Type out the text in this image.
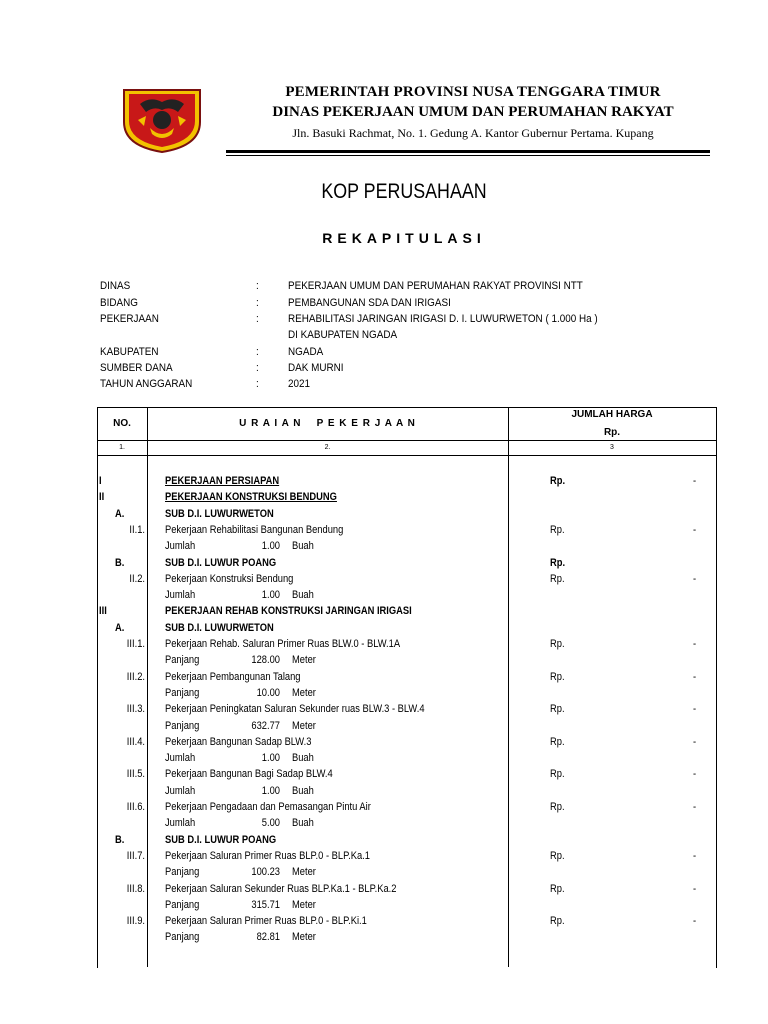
PEMERINTAH PROVINSI NUSA TENGGARA TIMUR
DINAS PEKERJAAN UMUM DAN PERUMAHAN RAKYAT
Jln. Basuki Rachmat, No. 1. Gedung A. Kantor Gubernur Pertama. Kupang
KOP PERUSAHAAN
REKAPITULASI
DINAS	:	PEKERJAAN UMUM DAN PERUMAHAN RAKYAT PROVINSI NTT
BIDANG	:	PEMBANGUNAN SDA DAN IRIGASI
PEKERJAAN	:	REHABILITASI JARINGAN IRIGASI D. I. LUWURWETON ( 1.000 Ha )
DI KABUPATEN NGADA
KABUPATEN	:	NGADA
SUMBER DANA	:	DAK MURNI
TAHUN ANGGARAN	:	2021
NO.	U R A I A N    P E K E R J A A N
JUMLAH HARGA
Rp.
1.	2.	3
I	PEKERJAAN PERSIAPAN	Rp.	-
II	PEKERJAAN KONSTRUKSI BENDUNG
A.	SUB D.I. LUWURWETON
II.1. Pekerjaan Rehabilitasi Bangunan Bendung	Rp.	-
Jumlah	1.00 Buah
B.	SUB D.I. LUWUR POANG	Rp.
II.2. Pekerjaan Konstruksi Bendung	Rp.	-
Jumlah	1.00 Buah
III	PEKERJAAN REHAB KONSTRUKSI JARINGAN IRIGASI
A.	SUB D.I. LUWURWETON
III.1. Pekerjaan Rehab. Saluran Primer Ruas BLW.0 - BLW.1A	Rp.	-
Panjang	128.00 Meter
III.2. Pekerjaan Pembangunan Talang	Rp.	-
Panjang	10.00 Meter
III.3. Pekerjaan Peningkatan Saluran Sekunder ruas BLW.3 - BLW.4	Rp.	-
Panjang	632.77 Meter
III.4. Pekerjaan Bangunan Sadap BLW.3	Rp.	-
Jumlah	1.00 Buah
III.5. Pekerjaan Bangunan Bagi Sadap BLW.4	Rp.	-
Jumlah	1.00 Buah
III.6. Pekerjaan Pengadaan dan Pemasangan Pintu Air	Rp.	-
Jumlah	5.00 Buah
B.	SUB D.I. LUWUR POANG
III.7. Pekerjaan Saluran Primer Ruas BLP.0 - BLP.Ka.1	Rp.	-
Panjang	100.23 Meter
III.8. Pekerjaan Saluran Sekunder Ruas BLP.Ka.1 - BLP.Ka.2	Rp.	-
Panjang	315.71 Meter
III.9. Pekerjaan Saluran Primer Ruas BLP.0 - BLP.Ki.1	Rp.	-
Panjang	82.81 Meter
